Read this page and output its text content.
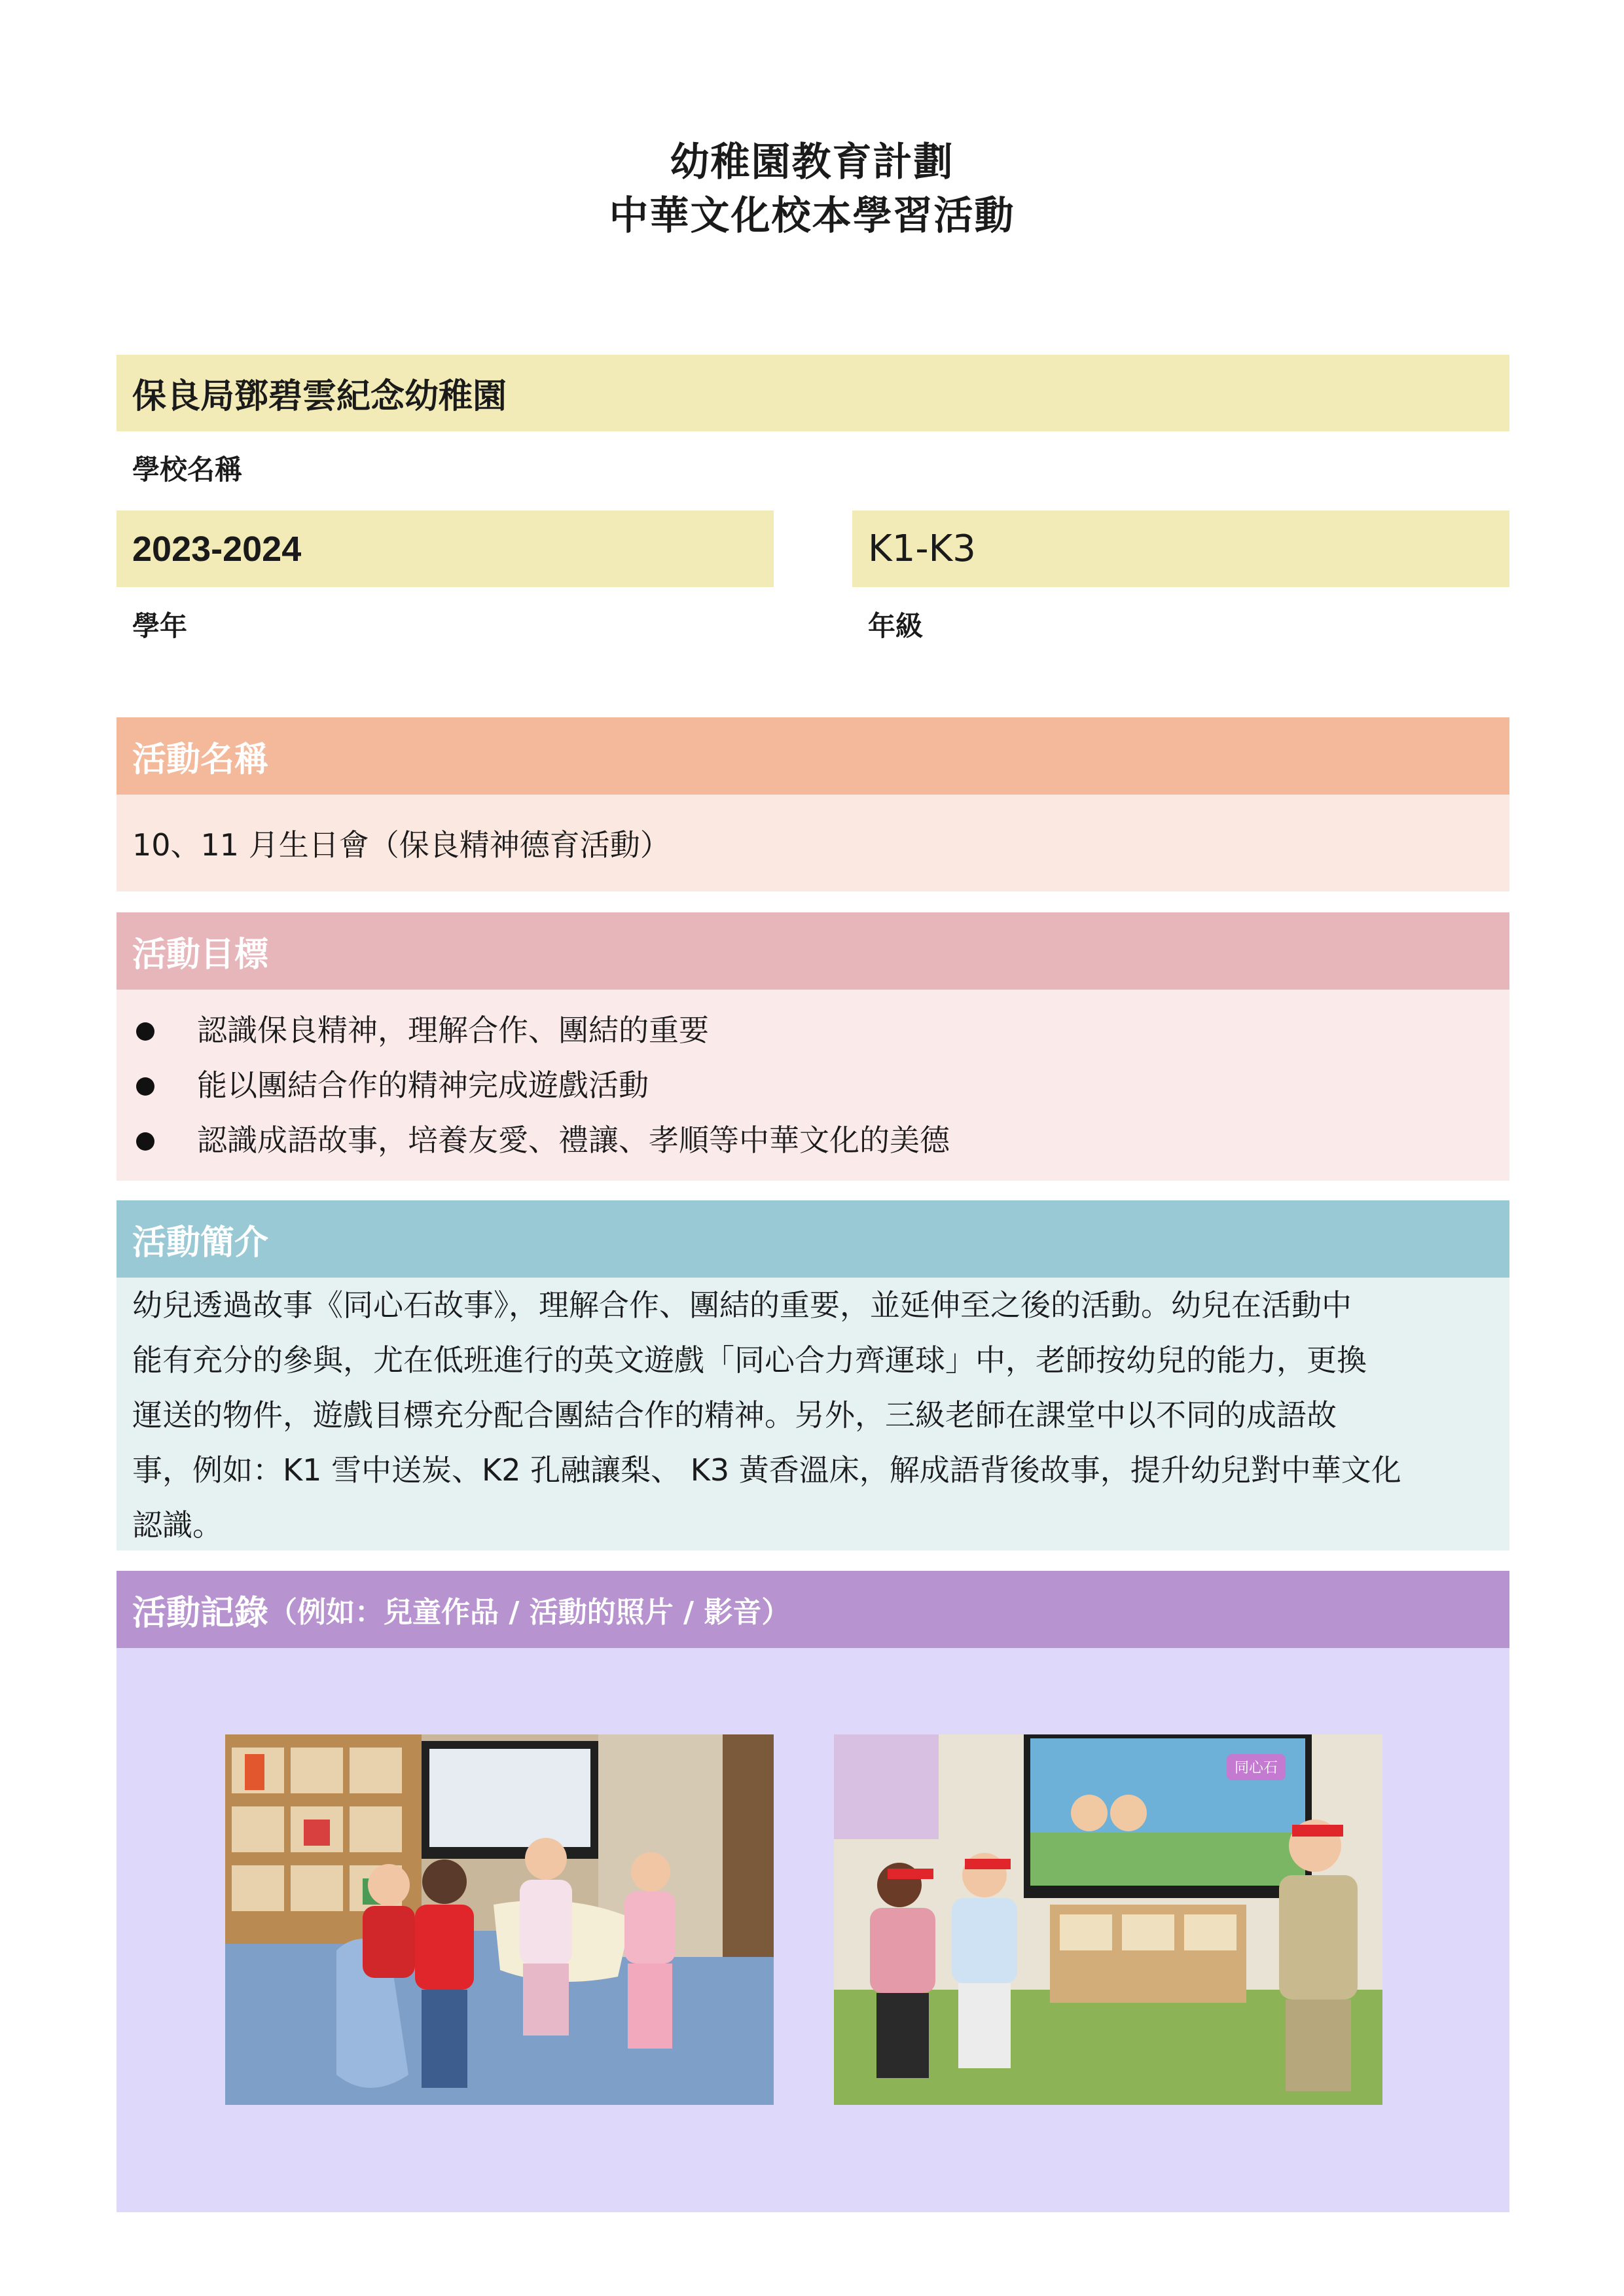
幼稚園教育計劃
中華文化校本學習活動
保良局鄧碧雲紀念幼稚園
學校名稱
2023-2024
學年
K1-K3
年級
活動名稱
10、11 月生日會（保良精神德育活動）
活動目標
認識保良精神，理解合作、團結的重要
能以團結合作的精神完成遊戲活動
認識成語故事，培養友愛、禮讓、孝順等中華文化的美德
活動簡介

幼兒透過故事《同心石故事》，理解合作、團結的重要，並延伸至之後的活動。幼兒在活動中

能有充分的參與，尤在低班進行的英文遊戲「同心合力齊運球」中，老師按幼兒的能力，更換

運送的物件，遊戲目標充分配合團結合作的精神。另外，三級老師在課堂中以不同的成語故

事，例如：K1 雪中送炭、K2 孔融讓梨、 K3 黃香溫床，解成語背後故事，提升幼兒對中華文化

認識。

活動記錄 （例如：兒童作品 / 活動的照片 / 影音）
同心石
